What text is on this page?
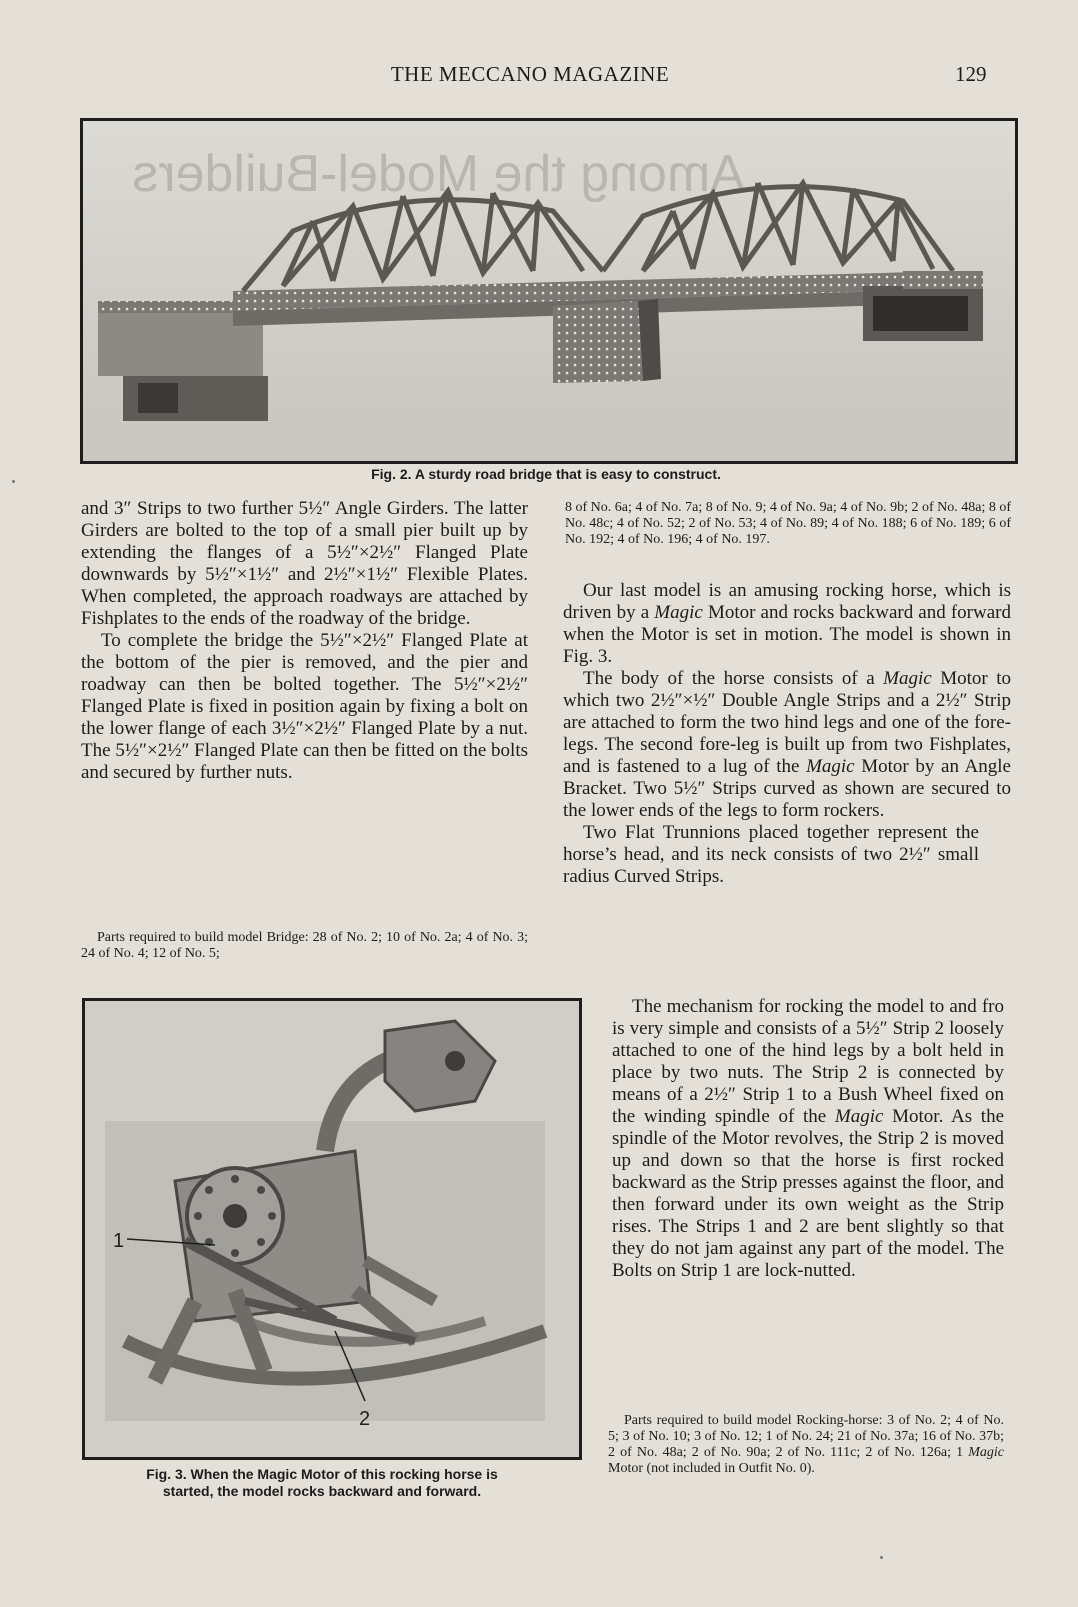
THE MECCANO MAGAZINE	129
Among the Model-Builders
Fig. 2. A sturdy road bridge that is easy to construct.

and 3″ Strips to two further 5½″ Angle Girders. The latter Girders are bolted to the top of a small pier built up by extending the flanges of a 5½″×2½″ Flanged Plate downwards by 5½″×1½″ and 2½″×1½″ Flexible Plates. When completed, the approach roadways are attached by Fishplates to the ends of the roadway of the bridge.

To complete the bridge the 5½″×2½″ Flanged Plate at the bottom of the pier is removed, and the pier and roadway can then be bolted together. The 5½″×2½″ Flanged Plate is fixed in position again by fixing a bolt on the lower flange of each 3½″×2½″ Flanged Plate by a nut. The 5½″×2½″ Flanged Plate can then be fitted on the bolts and secured by further nuts.

Parts required to build model Bridge: 28 of No. 2; 10 of No. 2a; 4 of No. 3; 24 of No. 4; 12 of No. 5;
8 of No. 6a; 4 of No. 7a; 8 of No. 9; 4 of No. 9a; 4 of No. 9b; 2 of No. 48a; 8 of No. 48c; 4 of No. 52; 2 of No. 53; 4 of No. 89; 4 of No. 188; 6 of No. 189; 6 of No. 192; 4 of No. 196; 4 of No. 197.

Our last model is an amusing rocking horse, which is driven by a Magic Motor and rocks backward and forward when the Motor is set in motion. The model is shown in Fig. 3.

The body of the horse consists of a Magic Motor to which two 2½″×½″ Double Angle Strips and a 2½″ Strip are attached to form the two hind legs and one of the fore-legs. The second fore-leg is built up from two Fishplates, and is fastened to a lug of the Magic Motor by an Angle Bracket. Two 5½″ Strips curved as shown are secured to the lower ends of the legs to form rockers.

Two Flat Trunnions placed together represent the horse’s head, and its neck consists of two 2½″ small radius Curved Strips.

The mechanism for rocking the model to and fro is very simple and consists of a 5½″ Strip 2 loosely attached to one of the hind legs by a bolt held in place by two nuts. The Strip 2 is connected by means of a 2½″ Strip 1 to a Bush Wheel fixed on the winding spindle of the Magic Motor. As the spindle of the Motor revolves, the Strip 2 is moved up and down so that the horse is first rocked backward as the Strip presses against the floor, and then forward under its own weight as the Strip rises. The Strips 1 and 2 are bent slightly so that they do not jam against any part of the model. The Bolts on Strip 1 are lock-nutted.

Parts required to build model Rocking-horse: 3 of No. 2; 4 of No. 5; 3 of No. 10; 3 of No. 12; 1 of No. 24; 21 of No. 37a; 16 of No. 37b; 2 of No. 48a; 2 of No. 90a; 2 of No. 111c; 2 of No. 126a; 1 Magic Motor (not included in Outfit No. 0).
1
2
Fig. 3. When the Magic Motor of this rocking horse is
started, the model rocks backward and forward.
